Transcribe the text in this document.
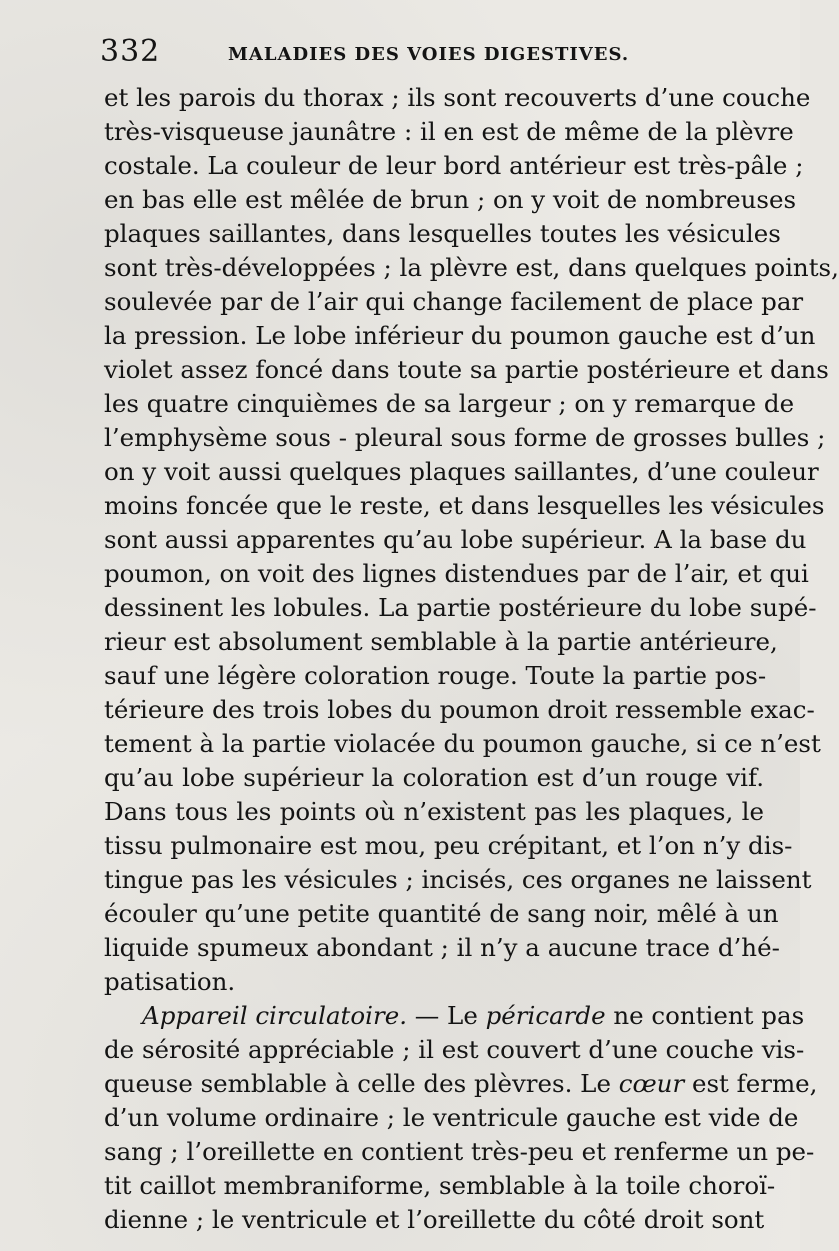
332	MALADIES DES VOIES DIGESTIVES.
et les parois du thorax ; ils sont recouverts d’une couche
très-visqueuse jaunâtre : il en est de même de la plèvre
costale. La couleur de leur bord antérieur est très-pâle ;
en bas elle est mêlée de brun ; on y voit de nombreuses
plaques saillantes, dans lesquelles toutes les vésicules
sont très-développées ; la plèvre est, dans quelques points,
soulevée par de l’air qui change facilement de place par
la pression. Le lobe inférieur du poumon gauche est d’un
violet assez foncé dans toute sa partie postérieure et dans
les quatre cinquièmes de sa largeur ; on y remarque de
l’emphysème sous - pleural sous forme de grosses bulles ;
on y voit aussi quelques plaques saillantes, d’une couleur
moins foncée que le reste, et dans lesquelles les vésicules
sont aussi apparentes qu’au lobe supérieur. A la base du
poumon, on voit des lignes distendues par de l’air, et qui
dessinent les lobules. La partie postérieure du lobe supé-
rieur est absolument semblable à la partie antérieure,
sauf une légère coloration rouge. Toute la partie pos-
térieure des trois lobes du poumon droit ressemble exac-
tement à la partie violacée du poumon gauche, si ce n’est
qu’au lobe supérieur la coloration est d’un rouge vif.
Dans tous les points où n’existent pas les plaques, le
tissu pulmonaire est mou, peu crépitant, et l’on n’y dis-
tingue pas les vésicules ; incisés, ces organes ne laissent
écouler qu’une petite quantité de sang noir, mêlé à un
liquide spumeux abondant ; il n’y a aucune trace d’hé-
patisation.
Appareil circulatoire. — Le péricarde ne contient pas
de sérosité appréciable ; il est couvert d’une couche vis-
queuse semblable à celle des plèvres. Le cœur est ferme,
d’un volume ordinaire ; le ventricule gauche est vide de
sang ; l’oreillette en contient très-peu et renferme un pe-
tit caillot membraniforme, semblable à la toile choroï-
dienne ; le ventricule et l’oreillette du côté droit sont
